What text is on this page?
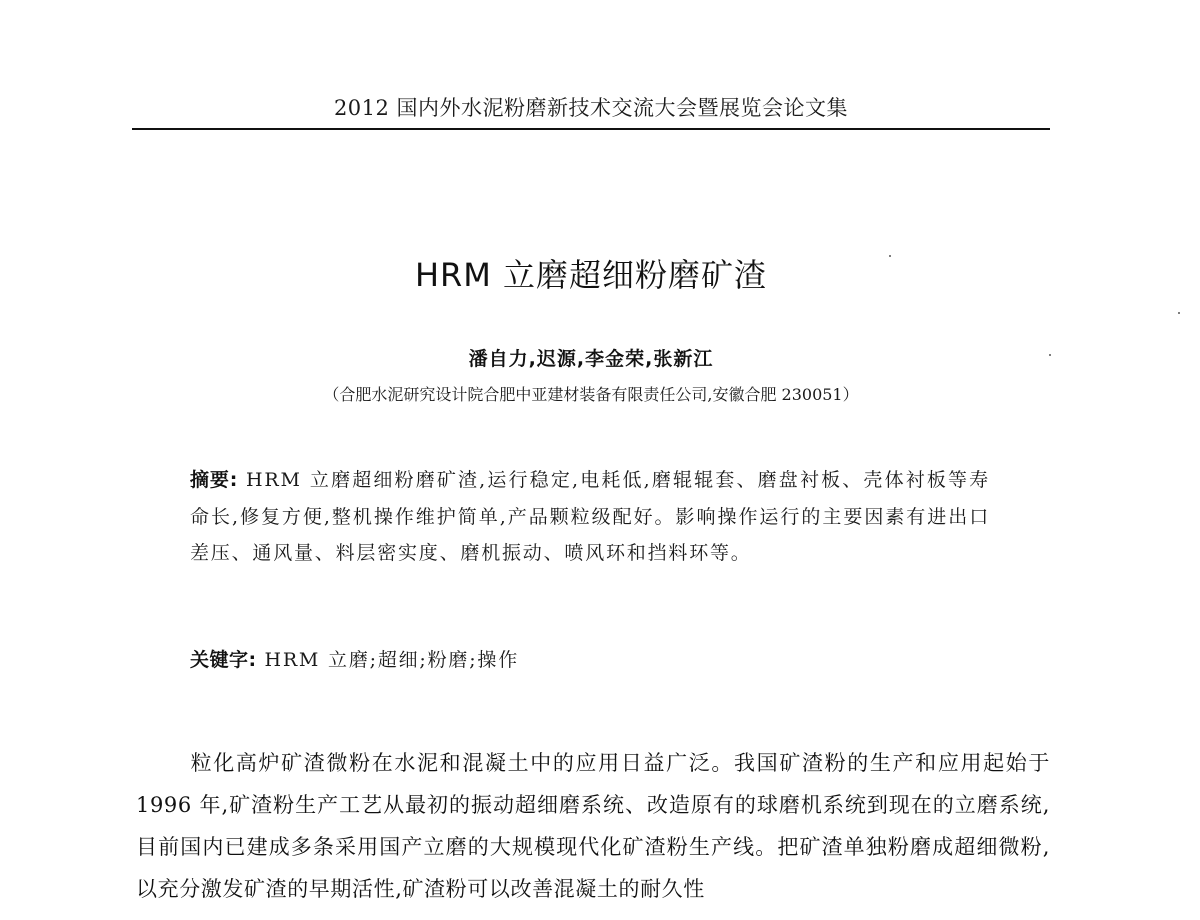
2012 国内外水泥粉磨新技术交流大会暨展览会论文集
HRM 立磨超细粉磨矿渣
潘自力,迟源,李金荣,张新江
（合肥水泥研究设计院合肥中亚建材装备有限责任公司,安徽合肥 230051）
摘要: HRM 立磨超细粉磨矿渣,运行稳定,电耗低,磨辊辊套、磨盘衬板、壳体衬板等寿命长,修复方便,整机操作维护简单,产品颗粒级配好。影响操作运行的主要因素有进出口差压、通风量、料层密实度、磨机振动、喷风环和挡料环等。
关键字: HRM 立磨;超细;粉磨;操作
粒化高炉矿渣微粉在水泥和混凝土中的应用日益广泛。我国矿渣粉的生产和应用起始于 1996 年,矿渣粉生产工艺从最初的振动超细磨系统、改造原有的球磨机系统到现在的立磨系统,目前国内已建成多条采用国产立磨的大规模现代化矿渣粉生产线。把矿渣单独粉磨成超细微粉,以充分激发矿渣的早期活性,矿渣粉可以改善混凝土的耐久性
